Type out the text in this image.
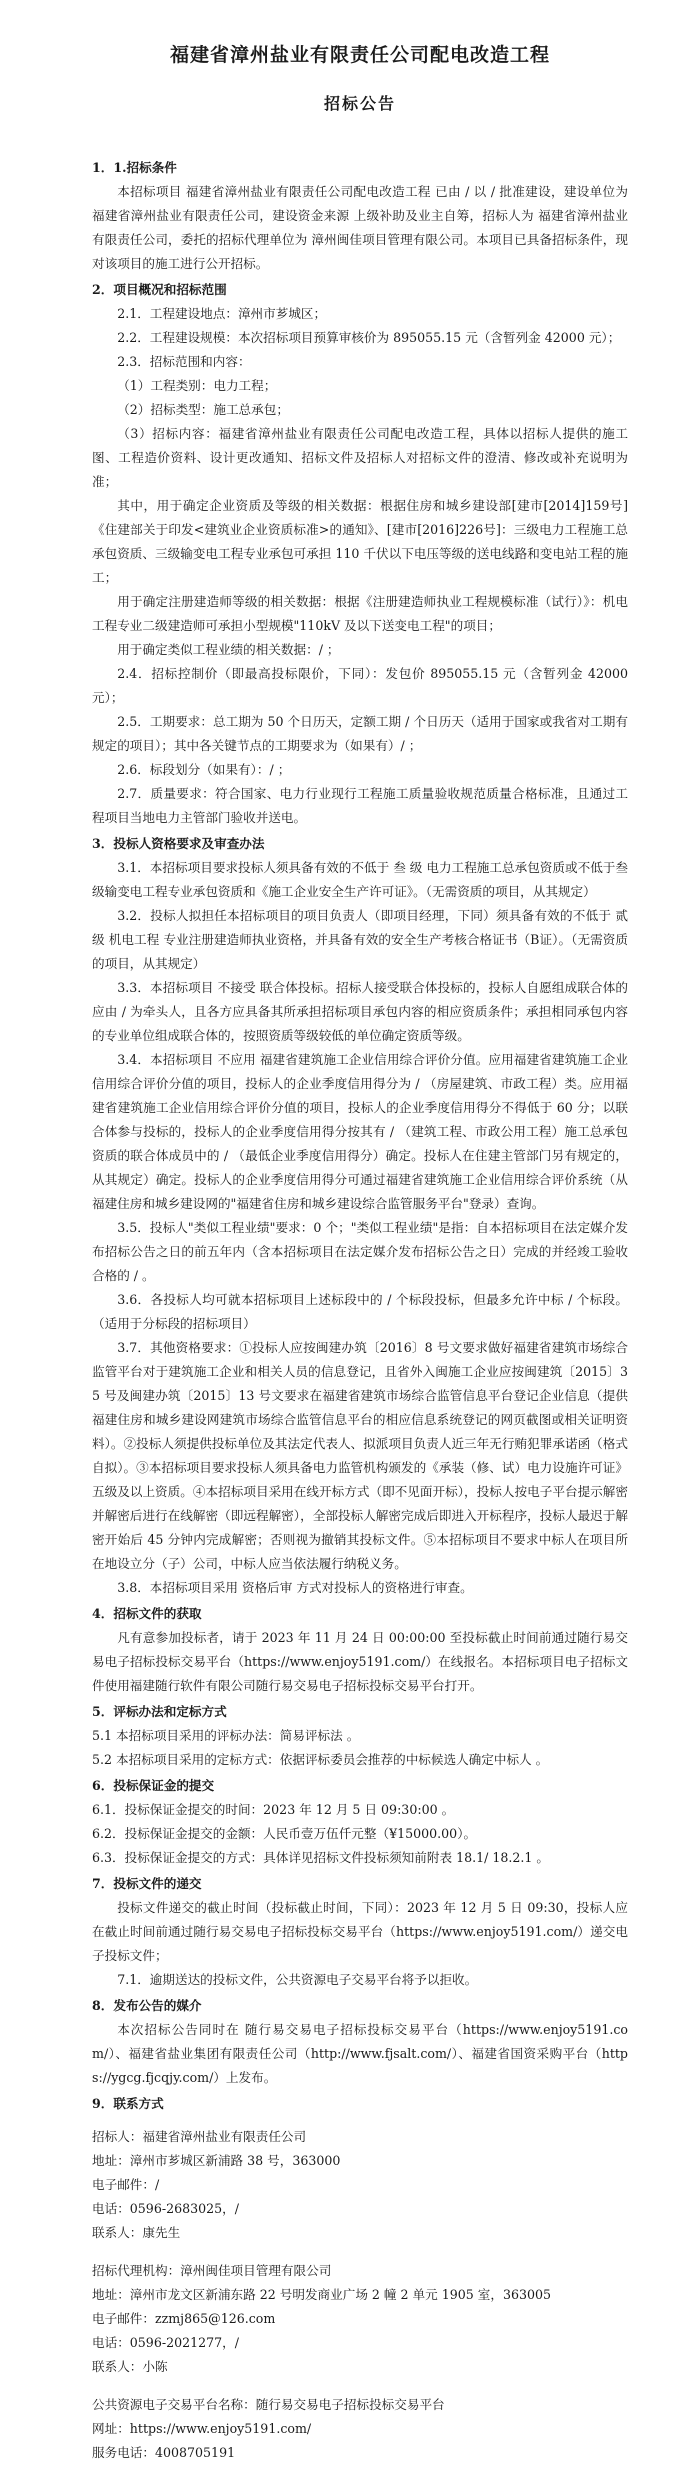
福建省漳州盐业有限责任公司配电改造工程
招标公告

1．1.招标条件

本招标项目 福建省漳州盐业有限责任公司配电改造工程 已由 / 以 / 批准建设，建设单位为 福建省漳州盐业有限责任公司，建设资金来源 上级补助及业主自筹，招标人为 福建省漳州盐业有限责任公司，委托的招标代理单位为 漳州闽佳项目管理有限公司。本项目已具备招标条件，现对该项目的施工进行公开招标。

2．项目概况和招标范围

2.1．工程建设地点：漳州市芗城区；

2.2．工程建设规模：本次招标项目预算审核价为 895055.15 元（含暂列金 42000 元）；

2.3．招标范围和内容：

（1）工程类别：电力工程；

（2）招标类型：施工总承包；

（3）招标内容：福建省漳州盐业有限责任公司配电改造工程，具体以招标人提供的施工图、工程造价资料、设计更改通知、招标文件及招标人对招标文件的澄清、修改或补充说明为准；

其中，用于确定企业资质及等级的相关数据：根据住房和城乡建设部[建市[2014]159号]《住建部关于印发<建筑业企业资质标准>的通知》、[建市[2016]226号]：三级电力工程施工总承包资质、三级输变电工程专业承包可承担 110 千伏以下电压等级的送电线路和变电站工程的施工；

用于确定注册建造师等级的相关数据：根据《注册建造师执业工程规模标准（试行）》：机电工程专业二级建造师可承担小型规模"110kV 及以下送变电工程"的项目；

用于确定类似工程业绩的相关数据：/ ；

2.4．招标控制价（即最高投标限价，下同）：发包价 895055.15 元（含暂列金 42000 元）；

2.5．工期要求：总工期为 50 个日历天，定额工期 / 个日历天（适用于国家或我省对工期有规定的项目）；其中各关键节点的工期要求为（如果有）/ ；

2.6．标段划分（如果有）：/ ；

2.7．质量要求：符合国家、电力行业现行工程施工质量验收规范质量合格标准，且通过工程项目当地电力主管部门验收并送电。

3．投标人资格要求及审查办法

3.1．本招标项目要求投标人须具备有效的不低于 叁 级 电力工程施工总承包资质或不低于叁级输变电工程专业承包资质和《施工企业安全生产许可证》。（无需资质的项目，从其规定）

3.2．投标人拟担任本招标项目的项目负责人（即项目经理，下同）须具备有效的不低于 贰 级 机电工程 专业注册建造师执业资格，并具备有效的安全生产考核合格证书（B证）。（无需资质的项目，从其规定）

3.3．本招标项目 不接受 联合体投标。招标人接受联合体投标的，投标人自愿组成联合体的应由 / 为牵头人，且各方应具备其所承担招标项目承包内容的相应资质条件；承担相同承包内容的专业单位组成联合体的，按照资质等级较低的单位确定资质等级。

3.4．本招标项目 不应用 福建省建筑施工企业信用综合评价分值。应用福建省建筑施工企业信用综合评价分值的项目，投标人的企业季度信用得分为 / （房屋建筑、市政工程）类。应用福建省建筑施工企业信用综合评价分值的项目，投标人的企业季度信用得分不得低于 60 分；以联合体参与投标的，投标人的企业季度信用得分按其有 / （建筑工程、市政公用工程）施工总承包资质的联合体成员中的 / （最低企业季度信用得分）确定。投标人在住建主管部门另有规定的，从其规定）确定。投标人的企业季度信用得分可通过福建省建筑施工企业信用综合评价系统（从福建住房和城乡建设网的"福建省住房和城乡建设综合监管服务平台"登录）查询。

3.5．投标人"类似工程业绩"要求：0 个；"类似工程业绩"是指：自本招标项目在法定媒介发布招标公告之日的前五年内（含本招标项目在法定媒介发布招标公告之日）完成的并经竣工验收合格的 / 。

3.6．各投标人均可就本招标项目上述标段中的 / 个标段投标，但最多允许中标 / 个标段。（适用于分标段的招标项目）

3.7．其他资格要求：①投标人应按闽建办筑〔2016〕8 号文要求做好福建省建筑市场综合监管平台对于建筑施工企业和相关人员的信息登记，且省外入闽施工企业应按闽建筑〔2015〕35 号及闽建办筑〔2015〕13 号文要求在福建省建筑市场综合监管信息平台登记企业信息（提供福建住房和城乡建设网建筑市场综合监管信息平台的相应信息系统登记的网页截图或相关证明资料）。②投标人须提供投标单位及其法定代表人、拟派项目负责人近三年无行贿犯罪承诺函（格式自拟）。③本招标项目要求投标人须具备电力监管机构颁发的《承装（修、试）电力设施许可证》五级及以上资质。④本招标项目采用在线开标方式（即不见面开标），投标人按电子平台提示解密并解密后进行在线解密（即远程解密），全部投标人解密完成后即进入开标程序，投标人最迟于解密开始后 45 分钟内完成解密；否则视为撤销其投标文件。⑤本招标项目不要求中标人在项目所在地设立分（子）公司，中标人应当依法履行纳税义务。

3.8．本招标项目采用 资格后审 方式对投标人的资格进行审查。

4．招标文件的获取

凡有意参加投标者，请于 2023 年 11 月 24 日 00:00:00 至投标截止时间前通过随行易交易电子招标投标交易平台（https://www.enjoy5191.com/）在线报名。本招标项目电子招标文件使用福建随行软件有限公司随行易交易电子招标投标交易平台打开。

5．评标办法和定标方式

5.1 本招标项目采用的评标办法：简易评标法 。

5.2 本招标项目采用的定标方式：依据评标委员会推荐的中标候选人确定中标人 。

6．投标保证金的提交

6.1．投标保证金提交的时间：2023 年 12 月 5 日 09:30:00 。

6.2．投标保证金提交的金额：人民币壹万伍仟元整（¥15000.00）。

6.3．投标保证金提交的方式：具体详见招标文件投标须知前附表 18.1/ 18.2.1 。

7．投标文件的递交

投标文件递交的截止时间（投标截止时间，下同）：2023 年 12 月 5 日 09:30，投标人应在截止时间前通过随行易交易电子招标投标交易平台（https://www.enjoy5191.com/）递交电子投标文件；

7.1．逾期送达的投标文件，公共资源电子交易平台将予以拒收。

8．发布公告的媒介

本次招标公告同时在 随行易交易电子招标投标交易平台（https://www.enjoy5191.com/）、福建省盐业集团有限责任公司（http://www.fjsalt.com/）、福建省国资采购平台（https://ygcg.fjcqjy.com/）上发布。

9．联系方式

招标人：福建省漳州盐业有限责任公司

地址：漳州市芗城区新浦路 38 号，363000

电子邮件：/

电话：0596-2683025，/

联系人：康先生

招标代理机构：漳州闽佳项目管理有限公司

地址：漳州市龙文区新浦东路 22 号明发商业广场 2 幢 2 单元 1905 室，363005

电子邮件：zzmj865@126.com

电话：0596-2021277，/

联系人：小陈

公共资源电子交易平台名称：随行易交易电子招标投标交易平台

网址：https://www.enjoy5191.com/

服务电话：4008705191
